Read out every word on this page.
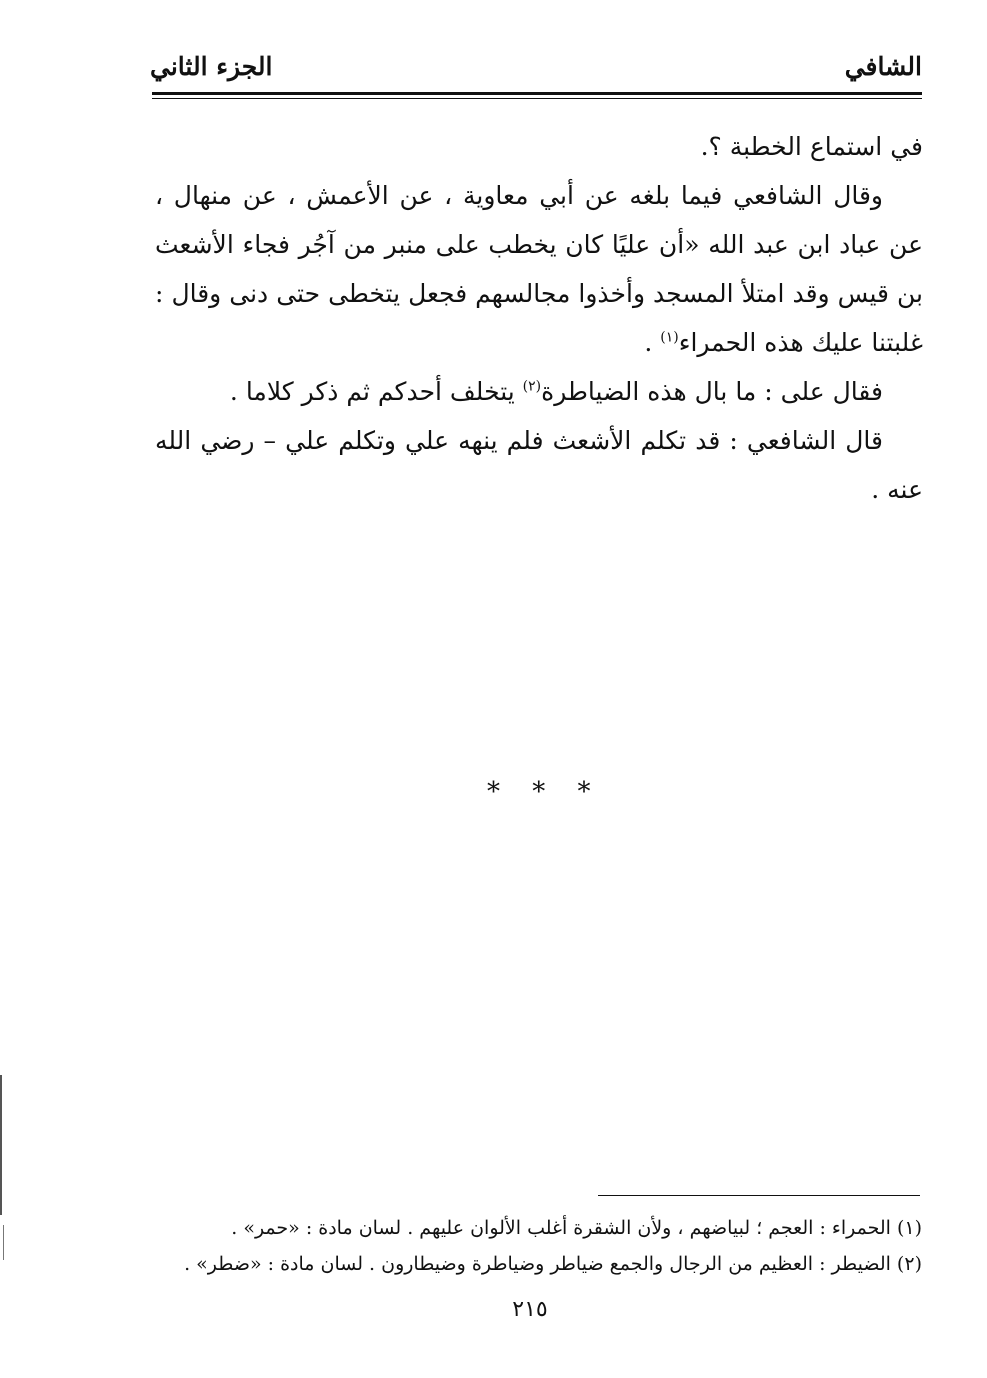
الشافي
الجزء الثاني

في استماع الخطبة ؟.

وقال الشافعي فيما بلغه عن أبي معاوية ، عن الأعمش ، عن منهال ، عن عباد ابن عبد الله «أن عليًا كان يخطب على منبر من آجُر فجاء الأشعث بن قيس وقد امتلأ المسجد وأخذوا مجالسهم فجعل يتخطى حتى دنى وقال : غلبتنا عليك هذه الحمراء$^{(١)}$ .

فقال على : ما بال هذه الضياطرة$^{(٢)}$ يتخلف أحدكم ثم ذكر كلاما .

قال الشافعي : قد تكلم الأشعث فلم ينهه علي وتكلم علي – رضي الله عنه .

* * *

(١) الحمراء : العجم ؛ لبياضهم ، ولأن الشقرة أغلب الألوان عليهم . لسان مادة : «حمر» .

(٢) الضيطر : العظيم من الرجال والجمع ضياطر وضياطرة وضيطارون . لسان مادة : «ضطر» .

٢١٥
